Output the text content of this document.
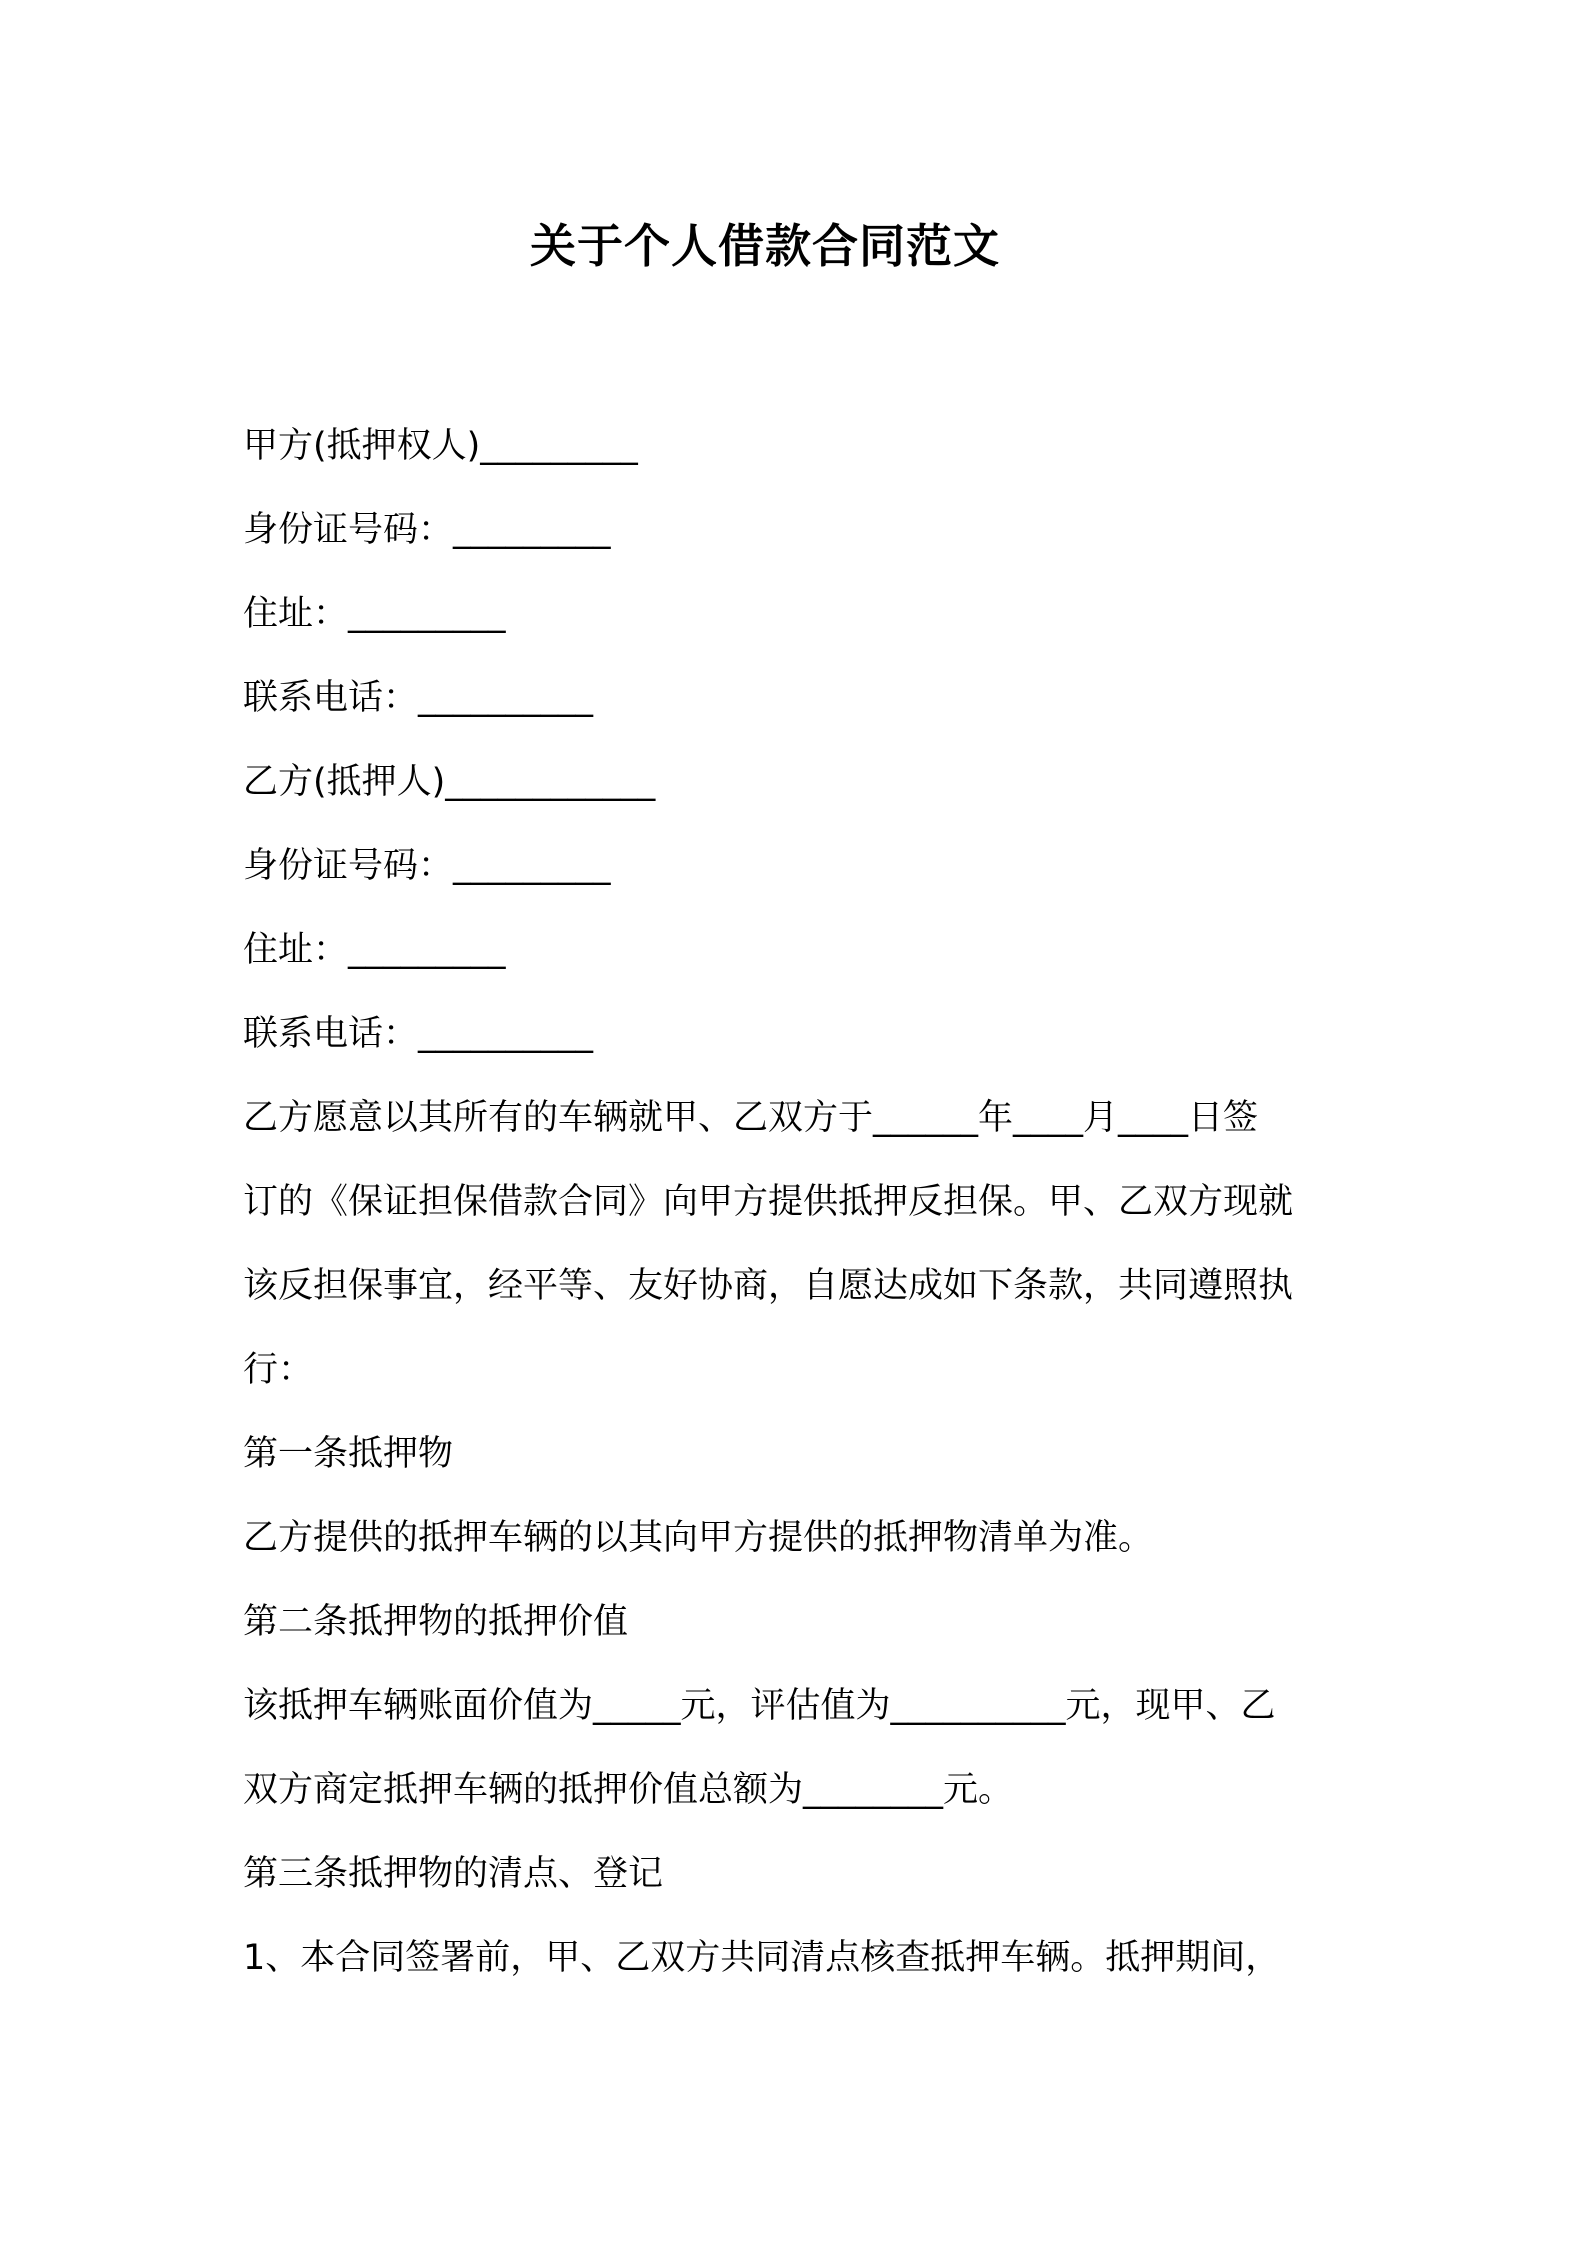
关于个人借款合同范文
甲方(抵押权人)_________
身份证号码：_________
住址：_________
联系电话：__________
乙方(抵押人)____________
身份证号码：_________
住址：_________
联系电话：__________
乙方愿意以其所有的车辆就甲、乙双方于______年____月____日签
订的《保证担保借款合同》向甲方提供抵押反担保。甲、乙双方现就
该反担保事宜，经平等、友好协商，自愿达成如下条款，共同遵照执
行：
第一条抵押物
乙方提供的抵押车辆的以其向甲方提供的抵押物清单为准。
第二条抵押物的抵押价值
该抵押车辆账面价值为_____元，评估值为__________元，现甲、乙
双方商定抵押车辆的抵押价值总额为________元。
第三条抵押物的清点、登记
1、本合同签署前，甲、乙双方共同清点核查抵押车辆。抵押期间，
